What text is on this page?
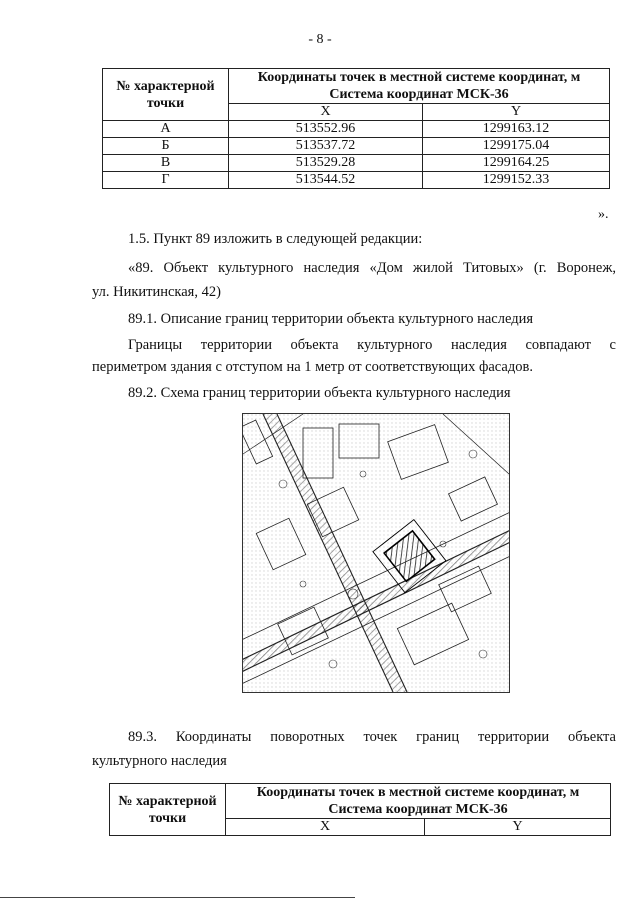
- 8 -
№ характерной точки	Координаты точек в местной системе координат, м Система координат МСК-36	
	X	Y
А	513552.96	1299163.12
Б	513537.72	1299175.04
В	513529.28	1299164.25
Г	513544.52	1299152.33
».

1.5. Пункт 89 изложить в следующей редакции:

«89. Объект культурного наследия «Дом жилой Титовых» (г. Воронеж,

ул. Никитинская, 42)

89.1. Описание границ территории объекта культурного наследия

Границы территории объекта культурного наследия совпадают с

периметром здания с отступом на 1 метр от соответствующих фасадов.

89.2. Схема границ территории объекта культурного наследия

89.3. Координаты поворотных точек границ территории объекта

культурного наследия

№ характерной точки	Координаты точек в местной системе координат, м Система координат МСК-36	
	X	Y
